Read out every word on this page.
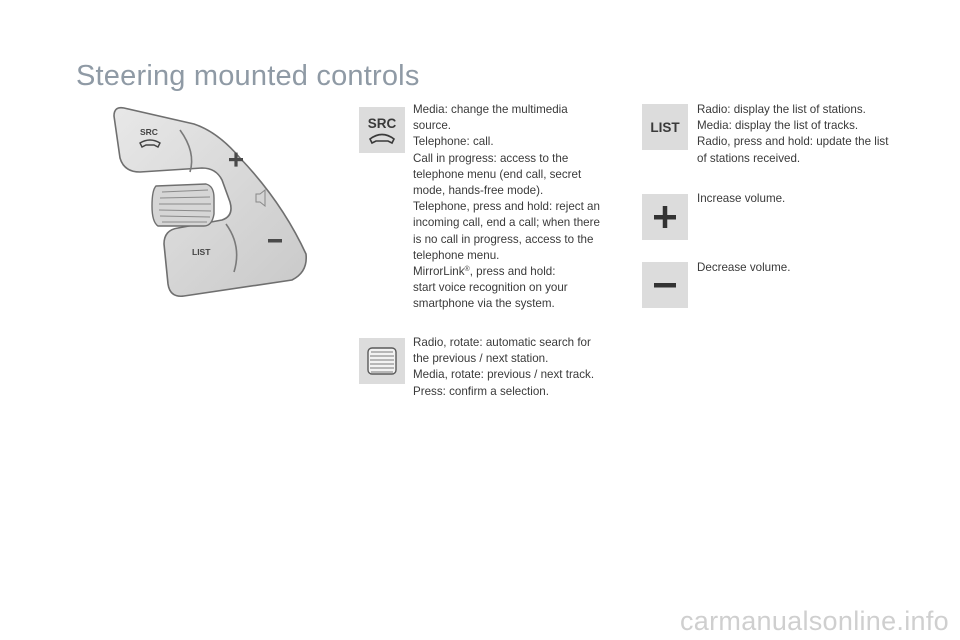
Steering mounted controls
SRC
LIST
SRC	LIST

Media: change the multimedia

source.

Telephone: call.

Call in progress: access to the

telephone menu (end call, secret

mode, hands-free mode).

Telephone, press and hold: reject an

incoming call, end a call; when there

is no call in progress, access to the

telephone menu.

MirrorLink®, press and hold:

start voice recognition on your

smartphone via the system.

Radio, rotate: automatic search for

the previous / next station.

Media, rotate: previous / next track.

Press: confirm a selection.

Radio: display the list of stations.

Media: display the list of tracks.

Radio, press and hold: update the list

of stations received.

Increase volume.
Decrease volume.
carmanualsonline.info
